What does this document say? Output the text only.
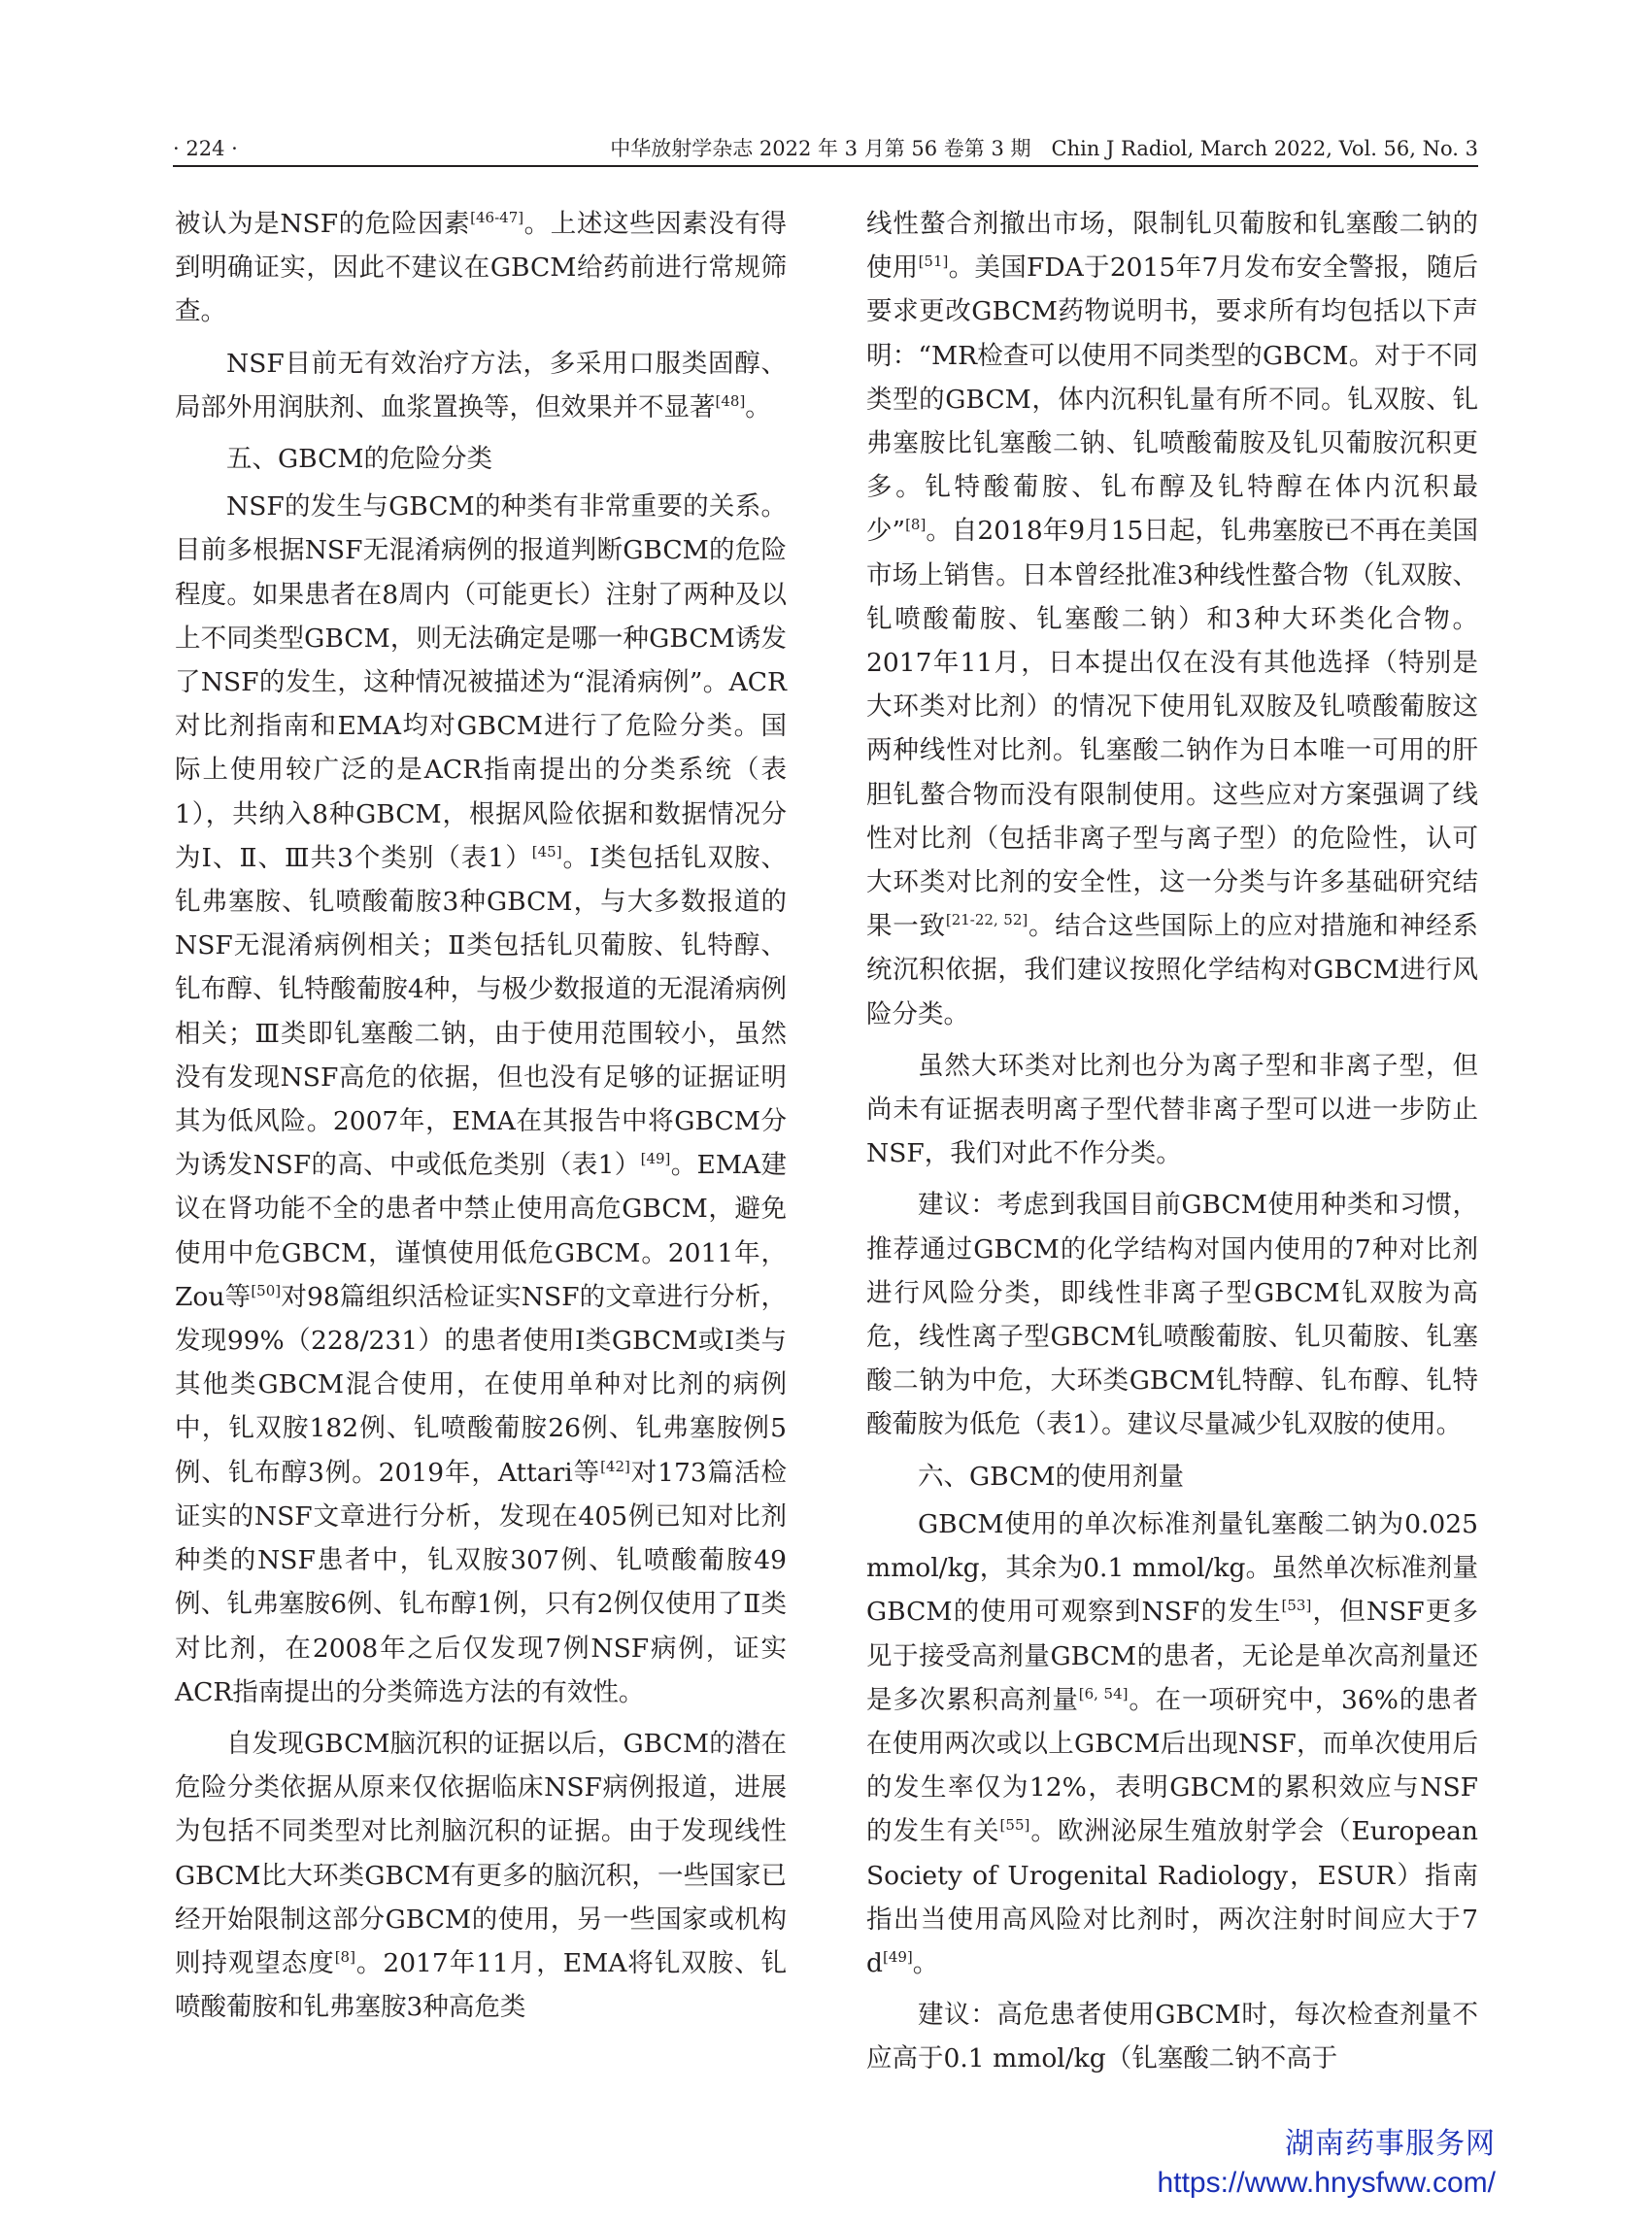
· 224 ·	中华放射学杂志 2022 年 3 月第 56 卷第 3 期　Chin J Radiol, March 2022, Vol. 56, No. 3

被认为是NSF的危险因素[46-47]。上述这些因素没有得到明确证实，因此不建议在GBCM给药前进行常规筛查。

NSF目前无有效治疗方法，多采用口服类固醇、局部外用润肤剂、血浆置换等，但效果并不显著[48]。

五、GBCM的危险分类

NSF的发生与GBCM的种类有非常重要的关系。目前多根据NSF无混淆病例的报道判断GBCM的危险程度。如果患者在8周内（可能更长）注射了两种及以上不同类型GBCM，则无法确定是哪一种GBCM诱发了NSF的发生，这种情况被描述为“混淆病例”。ACR对比剂指南和EMA均对GBCM进行了危险分类。国际上使用较广泛的是ACR指南提出的分类系统（表1），共纳入8种GBCM，根据风险依据和数据情况分为Ⅰ、Ⅱ、Ⅲ共3个类别（表1）[45]。Ⅰ类包括钆双胺、钆弗塞胺、钆喷酸葡胺3种GBCM，与大多数报道的NSF无混淆病例相关；Ⅱ类包括钆贝葡胺、钆特醇、钆布醇、钆特酸葡胺4种，与极少数报道的无混淆病例相关；Ⅲ类即钆塞酸二钠，由于使用范围较小，虽然没有发现NSF高危的依据，但也没有足够的证据证明其为低风险。2007年，EMA在其报告中将GBCM分为诱发NSF的高、中或低危类别（表1）[49]。EMA建议在肾功能不全的患者中禁止使用高危GBCM，避免使用中危GBCM，谨慎使用低危GBCM。2011年，Zou等[50]对98篇组织活检证实NSF的文章进行分析，发现99%（228/231）的患者使用Ⅰ类GBCM或Ⅰ类与其他类GBCM混合使用，在使用单种对比剂的病例中，钆双胺182例、钆喷酸葡胺26例、钆弗塞胺例5例、钆布醇3例。2019年，Attari等[42]对173篇活检证实的NSF文章进行分析，发现在405例已知对比剂种类的NSF患者中，钆双胺307例、钆喷酸葡胺49例、钆弗塞胺6例、钆布醇1例，只有2例仅使用了Ⅱ类对比剂，在2008年之后仅发现7例NSF病例，证实ACR指南提出的分类筛选方法的有效性。

自发现GBCM脑沉积的证据以后，GBCM的潜在危险分类依据从原来仅依据临床NSF病例报道，进展为包括不同类型对比剂脑沉积的证据。由于发现线性GBCM比大环类GBCM有更多的脑沉积，一些国家已经开始限制这部分GBCM的使用，另一些国家或机构则持观望态度[8]。2017年11月，EMA将钆双胺、钆喷酸葡胺和钆弗塞胺3种高危类

线性螯合剂撤出市场，限制钆贝葡胺和钆塞酸二钠的使用[51]。美国FDA于2015年7月发布安全警报，随后要求更改GBCM药物说明书，要求所有均包括以下声明：“MR检查可以使用不同类型的GBCM。对于不同类型的GBCM，体内沉积钆量有所不同。钆双胺、钆弗塞胺比钆塞酸二钠、钆喷酸葡胺及钆贝葡胺沉积更多。钆特酸葡胺、钆布醇及钆特醇在体内沉积最少”[8]。自2018年9月15日起，钆弗塞胺已不再在美国市场上销售。日本曾经批准3种线性螯合物（钆双胺、钆喷酸葡胺、钆塞酸二钠）和3种大环类化合物。2017年11月，日本提出仅在没有其他选择（特别是大环类对比剂）的情况下使用钆双胺及钆喷酸葡胺这两种线性对比剂。钆塞酸二钠作为日本唯一可用的肝胆钆螯合物而没有限制使用。这些应对方案强调了线性对比剂（包括非离子型与离子型）的危险性，认可大环类对比剂的安全性，这一分类与许多基础研究结果一致[21-22, 52]。结合这些国际上的应对措施和神经系统沉积依据，我们建议按照化学结构对GBCM进行风险分类。

虽然大环类对比剂也分为离子型和非离子型，但尚未有证据表明离子型代替非离子型可以进一步防止NSF，我们对此不作分类。

建议：考虑到我国目前GBCM使用种类和习惯，推荐通过GBCM的化学结构对国内使用的7种对比剂进行风险分类，即线性非离子型GBCM钆双胺为高危，线性离子型GBCM钆喷酸葡胺、钆贝葡胺、钆塞酸二钠为中危，大环类GBCM钆特醇、钆布醇、钆特酸葡胺为低危（表1）。建议尽量减少钆双胺的使用。

六、GBCM的使用剂量

GBCM使用的单次标准剂量钆塞酸二钠为0.025 mmol/kg，其余为0.1 mmol/kg。虽然单次标准剂量GBCM的使用可观察到NSF的发生[53]，但NSF更多见于接受高剂量GBCM的患者，无论是单次高剂量还是多次累积高剂量[6, 54]。在一项研究中，36%的患者在使用两次或以上GBCM后出现NSF，而单次使用后的发生率仅为12%，表明GBCM的累积效应与NSF的发生有关[55]。欧洲泌尿生殖放射学会（European Society of Urogenital Radiology，ESUR）指南指出当使用高风险对比剂时，两次注射时间应大于7 d[49]。

建议：高危患者使用GBCM时，每次检查剂量不应高于0.1 mmol/kg（钆塞酸二钠不高于

湖南药事服务网
https://www.hnysfww.com/
